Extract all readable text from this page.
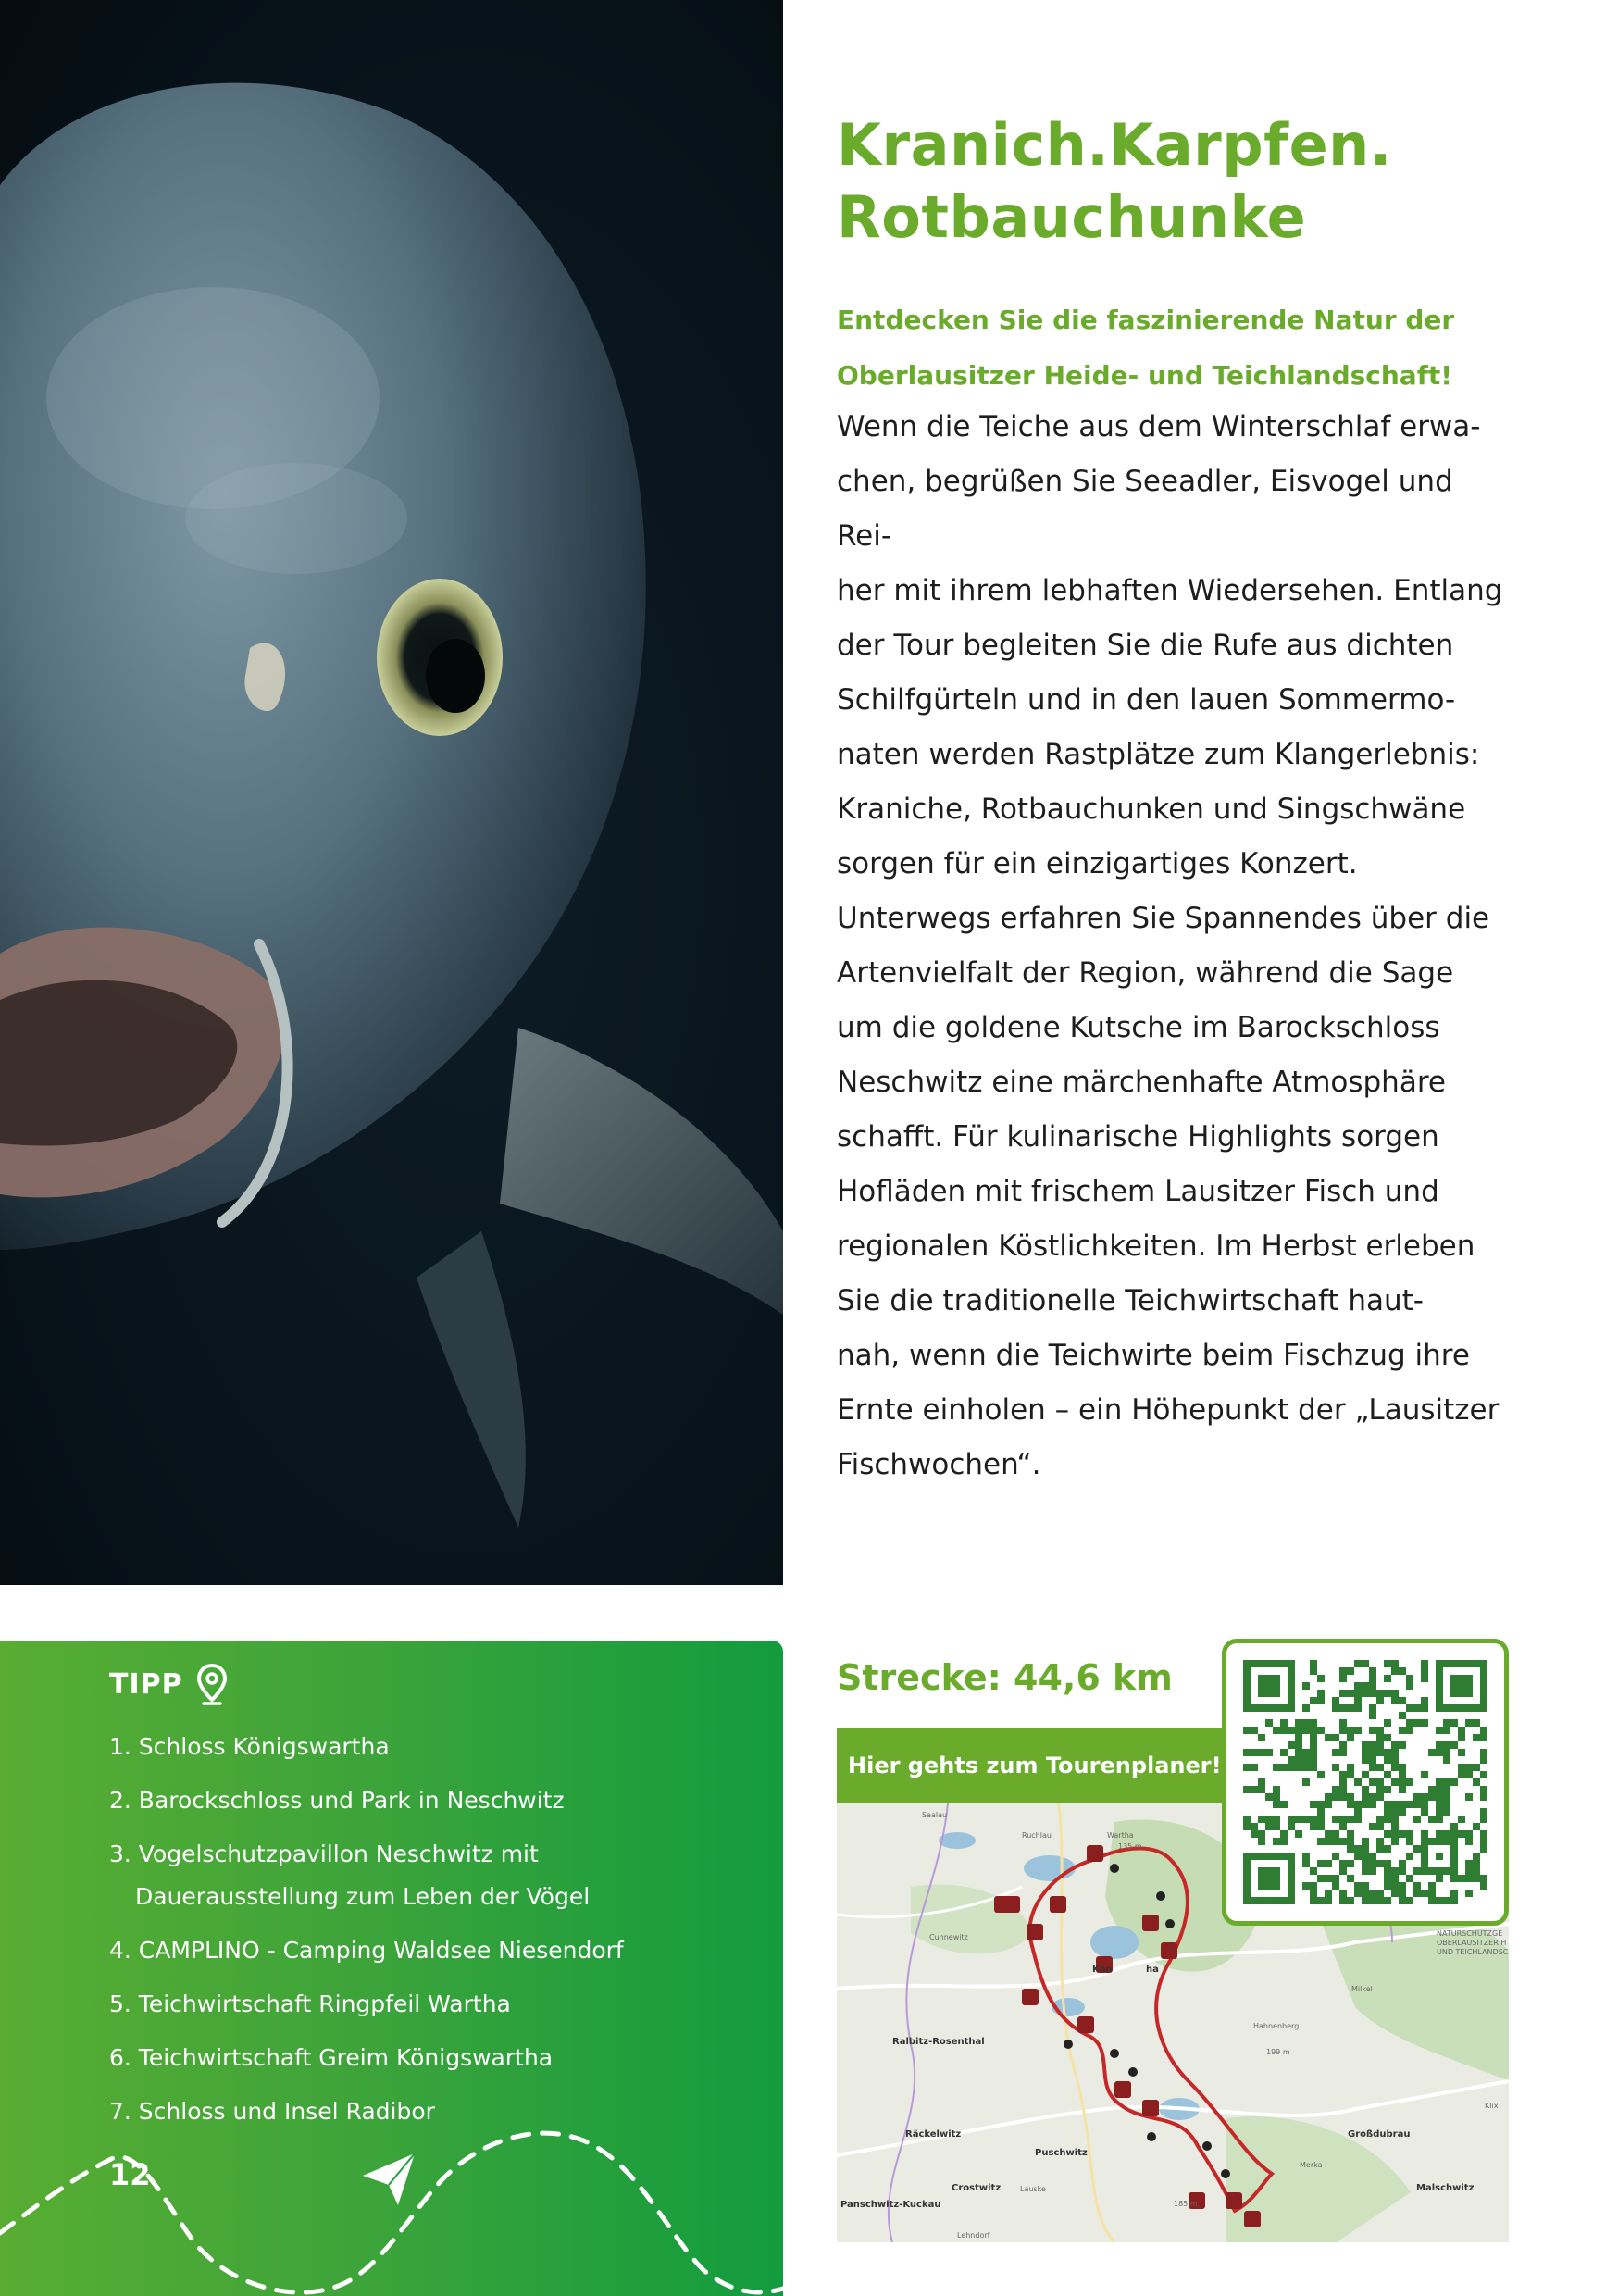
Kranich.Karpfen.
Rotbauchunke
Entdecken Sie die faszinierende Natur der
Oberlausitzer Heide- und Teichlandschaft!
Wenn die Teiche aus dem Winterschlaf erwa-
chen, begrüßen Sie Seeadler, Eisvogel und Rei-
her mit ihrem lebhaften Wiedersehen. Entlang
der Tour begleiten Sie die Rufe aus dichten
Schilfgürteln und in den lauen Sommermo-
naten werden Rastplätze zum Klangerlebnis:
Kraniche, Rotbauchunken und Singschwäne
sorgen für ein einzigartiges Konzert.
Unterwegs erfahren Sie Spannendes über die
Artenvielfalt der Region, während die Sage
um die goldene Kutsche im Barockschloss
Neschwitz eine märchenhafte Atmosphäre
schafft. Für kulinarische Highlights sorgen
Hofläden mit frischem Lausitzer Fisch und
regionalen Köstlichkeiten. Im Herbst erleben
Sie die traditionelle Teichwirtschaft haut-
nah, wenn die Teichwirte beim Fischzug ihre
Ernte einholen – ein Höhepunkt der „Lausitzer
Fischwochen“.
TIPP
1. Schloss Königswartha
2. Barockschloss und Park in Neschwitz
3. Vogelschutzpavillon Neschwitz mit
Dauerausstellung zum Leben der Vögel
4. CAMPLINO - Camping Waldsee Niesendorf
5. Teichwirtschaft Ringpfeil Wartha
6. Teichwirtschaft Greim Königswartha
7. Schloss und Insel Radibor
12
Strecke: 44,6 km
Hier gehts zum Tourenplaner!
Saalau
Ruchlau	Wartha
135 m
Cunnewitz
Kön	ha
Ralbitz-Rosenthal
Hahnenberg
199 m
Milkel
NATURSCHUTZGE
OBERLAUSITZER H
UND TEICHLANDSC
Räckelwitz
Puschwitz
Großdubrau
Klix
Crostwitz	Lauske
Merka
Malschwitz
Panschwitz-Kuckau	185 m
Lehndorf
